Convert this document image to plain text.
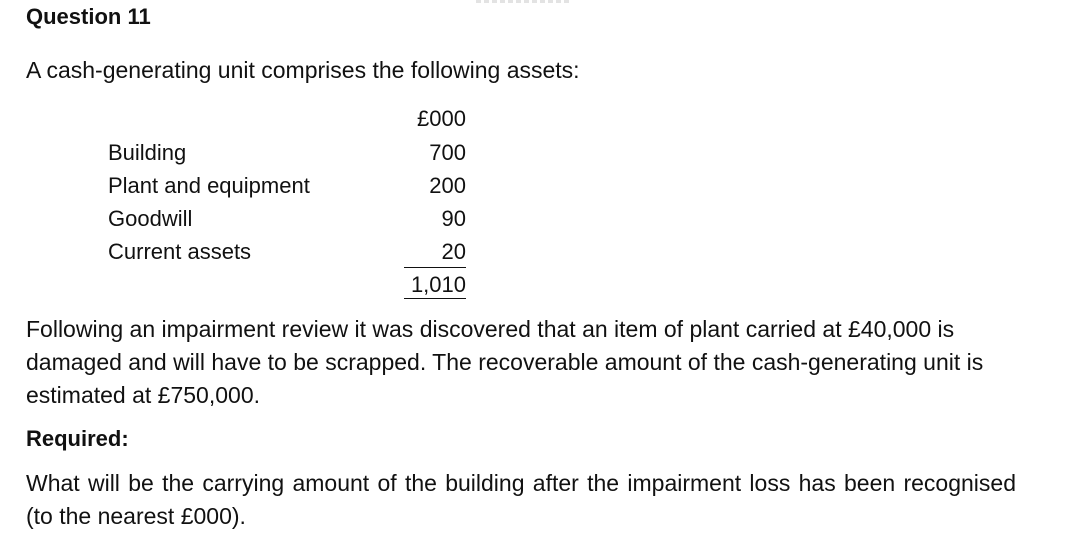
Question 11
A cash-generating unit comprises the following assets:
£000
Building	700
Plant and equipment	200
Goodwill	90
Current assets	20
1,010
Following an impairment review it was discovered that an item of plant carried at £40,000 is damaged and will have to be scrapped. The recoverable amount of the cash-generating unit is estimated at £750,000.
Required:
What will be the carrying amount of the building after the impairment loss has been recognised (to the nearest £000).
